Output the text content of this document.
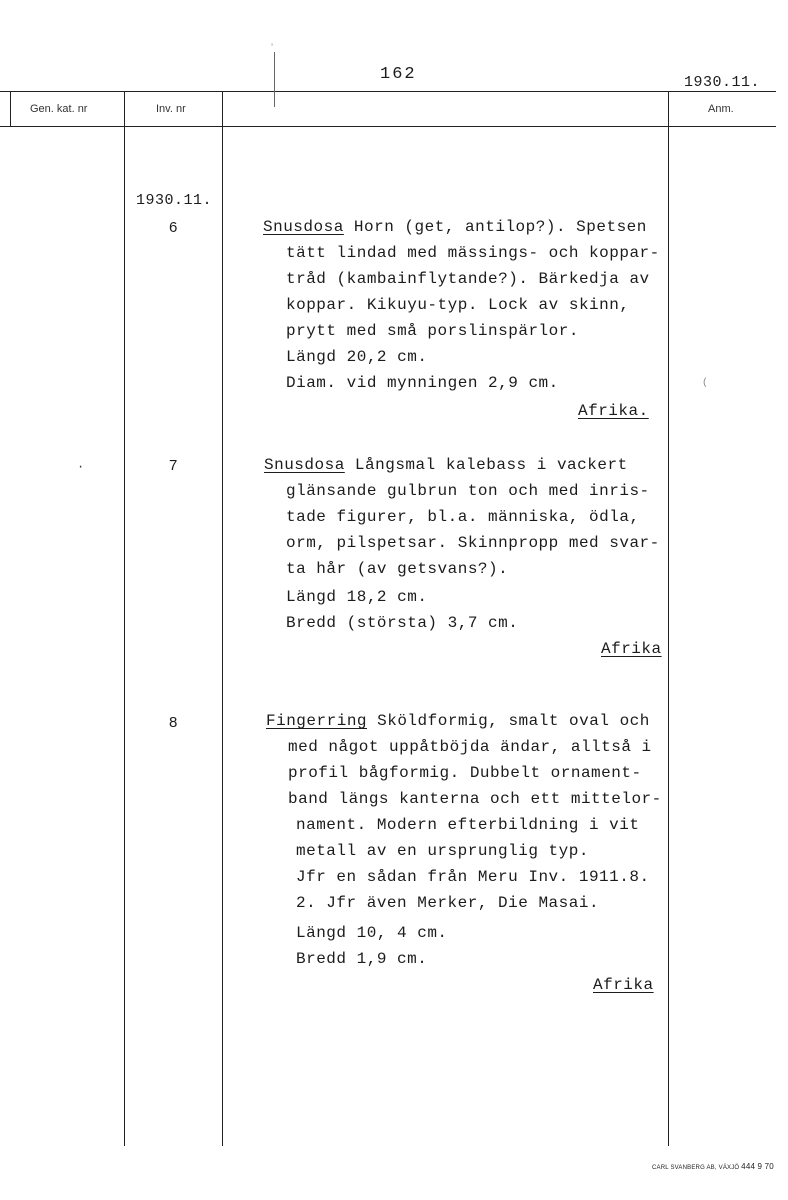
162	1930.11.
Gen. kat. nr	Inv. nr	Anm.
1930.11.
6	Snusdosa Horn (get, antilop?). Spetsen
tätt lindad med mässings- och koppar-
tråd (kambainflytande?). Bärkedja av
koppar. Kikuyu-typ. Lock av skinn,
prytt med små porslinspärlor.
Längd 20,2 cm.
Diam. vid mynningen 2,9 cm.
Afrika.
7	Snusdosa Långsmal kalebass i vackert
glänsande gulbrun ton och med inris-
tade figurer, bl.a. människa, ödla,
orm, pilspetsar. Skinnpropp med svar-
ta hår (av getsvans?).
Längd 18,2 cm.
Bredd (största) 3,7 cm.
Afrika
8	Fingerring Sköldformig, smalt oval och
med något uppåtböjda ändar, alltså i
profil bågformig. Dubbelt ornament-
band längs kanterna och ett mittelor-
nament. Modern efterbildning i vit
metall av en ursprunglig typ.
Jfr en sådan från Meru Inv. 1911.8.
2. Jfr även Merker, Die Masai.
Längd 10, 4 cm.
Bredd 1,9 cm.
Afrika
·
(
ʼ
CARL SVANBERG AB, VÄXJÖ 444 9 70
